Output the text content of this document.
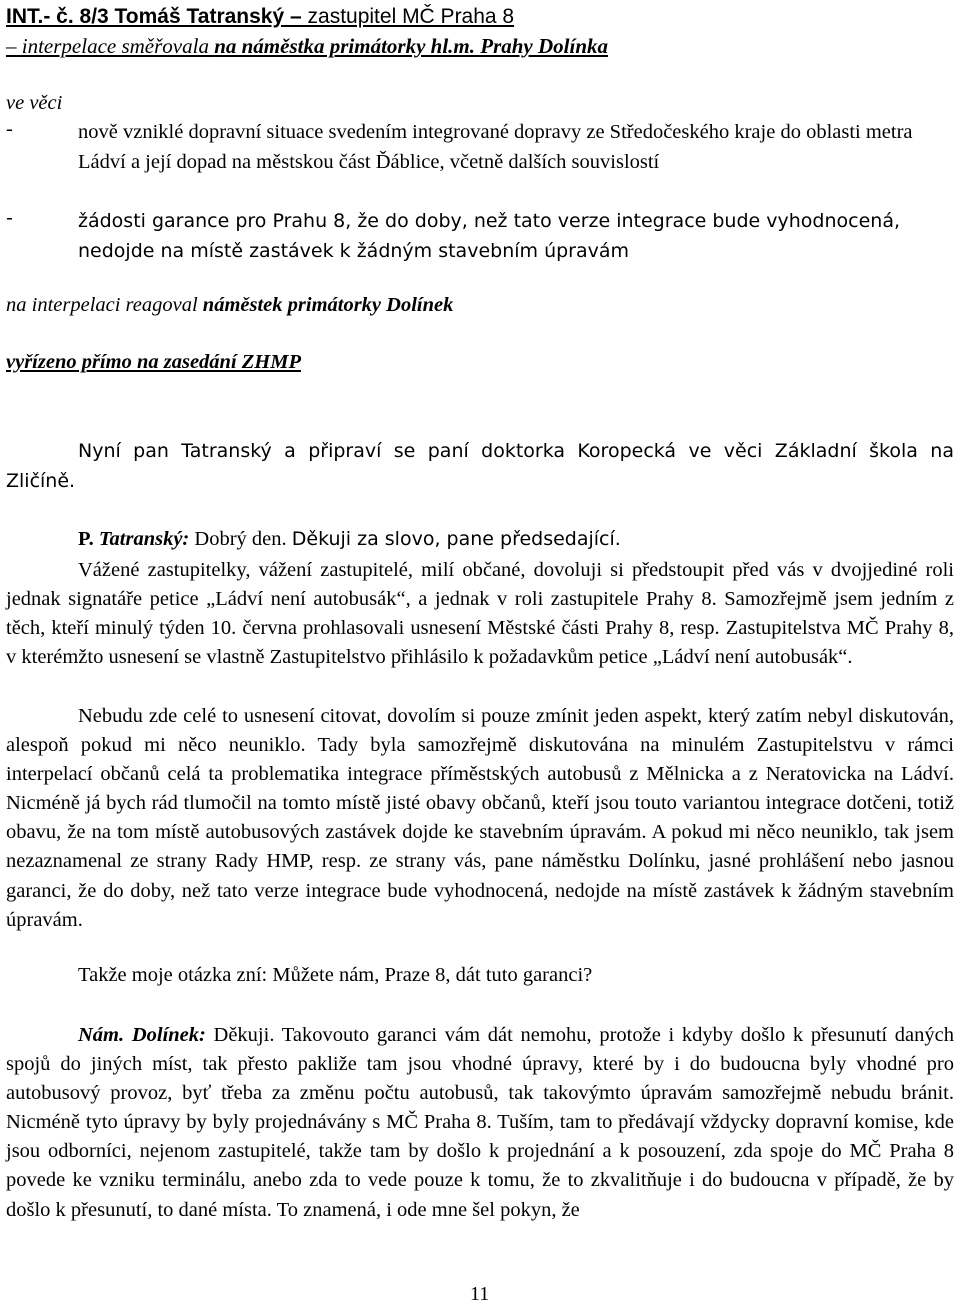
INT.- č. 8/3 Tomáš Tatranský – zastupitel MČ Praha 8
– interpelace směřovala na náměstka primátorky hl.m. Prahy Dolínka
ve věci
-	nově vzniklé dopravní situace svedením integrované dopravy ze Středočeského kraje do oblasti metra Ládví a její dopad na městskou část Ďáblice, včetně dalších souvislostí
-	žádosti garance pro Prahu 8, že do doby, než tato verze integrace bude vyhodnocená, nedojde na místě zastávek k žádným stavebním úpravám
na interpelaci reagoval náměstek primátorky Dolínek
vyřízeno přímo na zasedání ZHMP
Nyní pan Tatranský a připraví se paní doktorka Koropecká ve věci Základní škola na
Zličíně.
P. Tatranský: Dobrý den. Děkuji za slovo, pane předsedající.
Vážené zastupitelky, vážení zastupitelé, milí občané, dovoluji si předstoupit před vás v dvojjediné roli jednak signatáře petice „Ládví není autobusák“, a jednak v roli zastupitele Prahy 8. Samozřejmě jsem jedním z těch, kteří minulý týden 10. června prohlasovali usnesení Městské části Prahy 8, resp. Zastupitelstva MČ Prahy 8, v kterémžto usnesení se vlastně Zastupitelstvo přihlásilo k požadavkům petice „Ládví není autobusák“.
Nebudu zde celé to usnesení citovat, dovolím si pouze zmínit jeden aspekt, který zatím nebyl diskutován, alespoň pokud mi něco neuniklo. Tady byla samozřejmě diskutována na minulém Zastupitelstvu v rámci interpelací občanů celá ta problematika integrace příměstských autobusů z Mělnicka a z Neratovicka na Ládví. Nicméně já bych rád tlumočil na tomto místě jisté obavy občanů, kteří jsou touto variantou integrace dotčeni, totiž obavu, že na tom místě autobusových zastávek dojde ke stavebním úpravám. A pokud mi něco neuniklo, tak jsem nezaznamenal ze strany Rady HMP, resp. ze strany vás, pane náměstku Dolínku, jasné prohlášení nebo jasnou garanci, že do doby, než tato verze integrace bude vyhodnocená, nedojde na místě zastávek k žádným stavebním úpravám.
Takže moje otázka zní: Můžete nám, Praze 8, dát tuto garanci?
Nám. Dolínek: Děkuji. Takovouto garanci vám dát nemohu, protože i kdyby došlo k přesunutí daných spojů do jiných míst, tak přesto pakliže tam jsou vhodné úpravy, které by i do budoucna byly vhodné pro autobusový provoz, byť třeba za změnu počtu autobusů, tak takovýmto úpravám samozřejmě nebudu bránit. Nicméně tyto úpravy by byly projednávány s MČ Praha 8. Tuším, tam to předávají vždycky dopravní komise, kde jsou odborníci, nejenom zastupitelé, takže tam by došlo k projednání a k posouzení, zda spoje do MČ Praha 8 povede ke vzniku terminálu, anebo zda to vede pouze k tomu, že to zkvalitňuje i do budoucna v případě, že by došlo k přesunutí, to dané místa. To znamená, i ode mne šel pokyn, že
11
